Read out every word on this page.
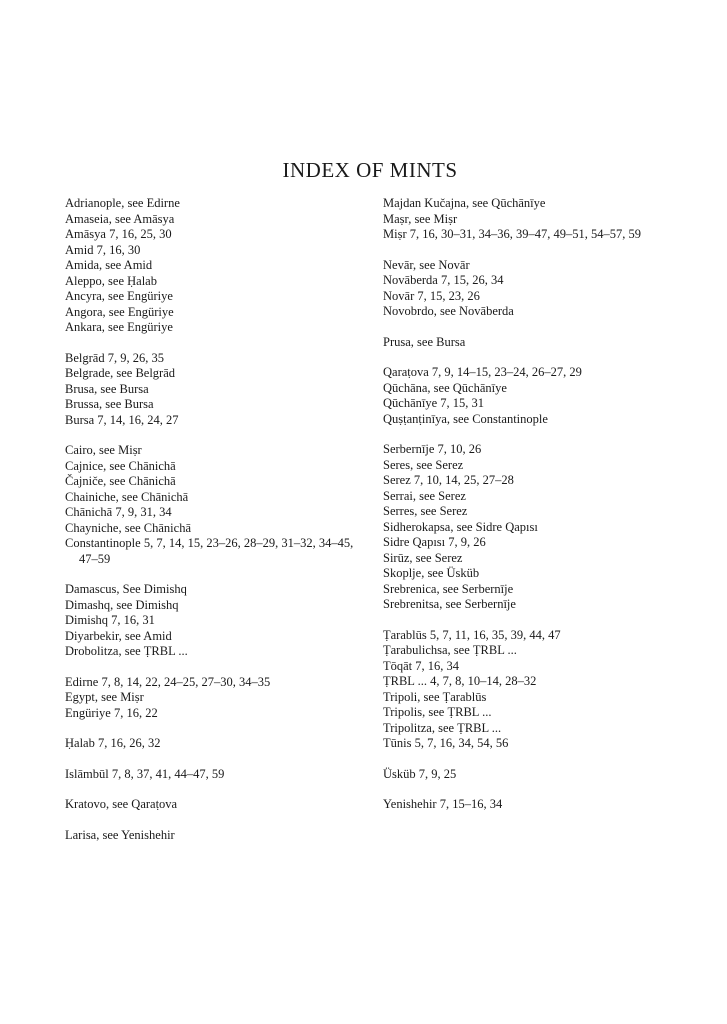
INDEX OF MINTS
Adrianople, see Edirne
Amaseia, see Amāsya
Amāsya 7, 16, 25, 30
Amid 7, 16, 30
Amida, see Amid
Aleppo, see Ḥalab
Ancyra, see Engüriye
Angora, see Engüriye
Ankara, see Engüriye
Belgrād 7, 9, 26, 35
Belgrade, see Belgrād
Brusa, see Bursa
Brussa, see Bursa
Bursa 7, 14, 16, 24, 27
Cairo, see Miṣr
Cajnice, see Chānichā
Čajniče, see Chānichā
Chainiche, see Chānichā
Chānichā 7, 9, 31, 34
Chayniche, see Chānichā
Constantinople 5, 7, 14, 15, 23–26, 28–29, 31–32, 34–45,
47–59
Damascus, See Dimishq
Dimashq, see Dimishq
Dimishq 7, 16, 31
Diyarbekir, see Amid
Drobolitza, see ṬRBL ...
Edirne 7, 8, 14, 22, 24–25, 27–30, 34–35
Egypt, see Miṣr
Engüriye 7, 16, 22
Ḥalab 7, 16, 26, 32
Islāmbūl 7, 8, 37, 41, 44–47, 59
Kratovo, see Qaraṭova
Larisa, see Yenishehir
Majdan Kučajna, see Qūchānīye
Maṣr, see Miṣr
Miṣr 7, 16, 30–31, 34–36, 39–47, 49–51, 54–57, 59
Nevār, see Novār
Novāberda 7, 15, 26, 34
Novār 7, 15, 23, 26
Novobrdo, see Novāberda
Prusa, see Bursa
Qaraṭova 7, 9, 14–15, 23–24, 26–27, 29
Qūchāna, see Qūchānīye
Qūchānīye 7, 15, 31
Quṣṭanṭinīya, see Constantinople
Serbernīje 7, 10, 26
Seres, see Serez
Serez 7, 10, 14, 25, 27–28
Serrai, see Serez
Serres, see Serez
Sidherokapsa, see Sidre Qapısı
Sidre Qapısı 7, 9, 26
Sirūz, see Serez
Skoplje, see Üsküb
Srebrenica, see Serbernīje
Srebrenitsa, see Serbernīje
Ṭarablūs 5, 7, 11, 16, 35, 39, 44, 47
Ṭarabulichsa, see ṬRBL ...
Tōqāt 7, 16, 34
ṬRBL ... 4, 7, 8, 10–14, 28–32
Tripoli, see Ṭarablūs
Tripolis, see ṬRBL ...
Tripolitza, see ṬRBL ...
Tūnis 5, 7, 16, 34, 54, 56
Üsküb 7, 9, 25
Yenishehir 7, 15–16, 34
